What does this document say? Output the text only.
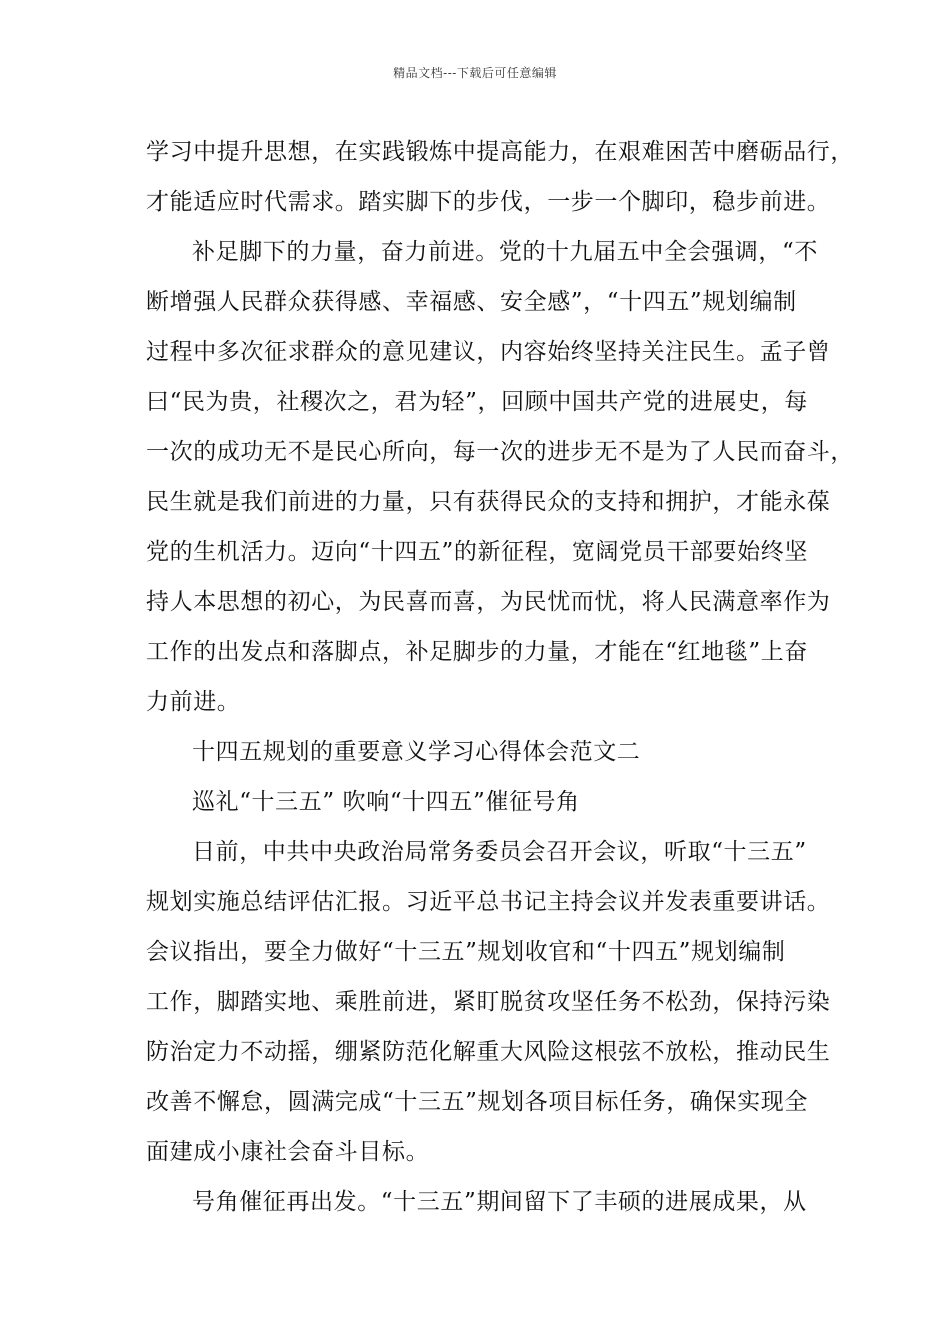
精品文档---下载后可任意编辑
学习中提升思想，在实践锻炼中提高能力，在艰难困苦中磨砺品行，
才能适应时代需求。踏实脚下的步伐，一步一个脚印，稳步前进。
补足脚下的力量，奋力前进。党的十九届五中全会强调，“不
断增强人民群众获得感、幸福感、安全感”，“十四五”规划编制
过程中多次征求群众的意见建议，内容始终坚持关注民生。孟子曾
曰“民为贵，社稷次之，君为轻”，回顾中国共产党的进展史，每
一次的成功无不是民心所向，每一次的进步无不是为了人民而奋斗，
民生就是我们前进的力量，只有获得民众的支持和拥护，才能永葆
党的生机活力。迈向“十四五”的新征程，宽阔党员干部要始终坚
持人本思想的初心，为民喜而喜，为民忧而忧，将人民满意率作为
工作的出发点和落脚点，补足脚步的力量，才能在“红地毯”上奋
力前进。
十四五规划的重要意义学习心得体会范文二
巡礼“十三五” 吹响“十四五”催征号角
日前，中共中央政治局常务委员会召开会议，听取“十三五”
规划实施总结评估汇报。习近平总书记主持会议并发表重要讲话。
会议指出，要全力做好“十三五”规划收官和“十四五”规划编制
工作，脚踏实地、乘胜前进，紧盯脱贫攻坚任务不松劲，保持污染
防治定力不动摇，绷紧防范化解重大风险这根弦不放松，推动民生
改善不懈怠，圆满完成“十三五”规划各项目标任务，确保实现全
面建成小康社会奋斗目标。
号角催征再出发。“十三五”期间留下了丰硕的进展成果，从
